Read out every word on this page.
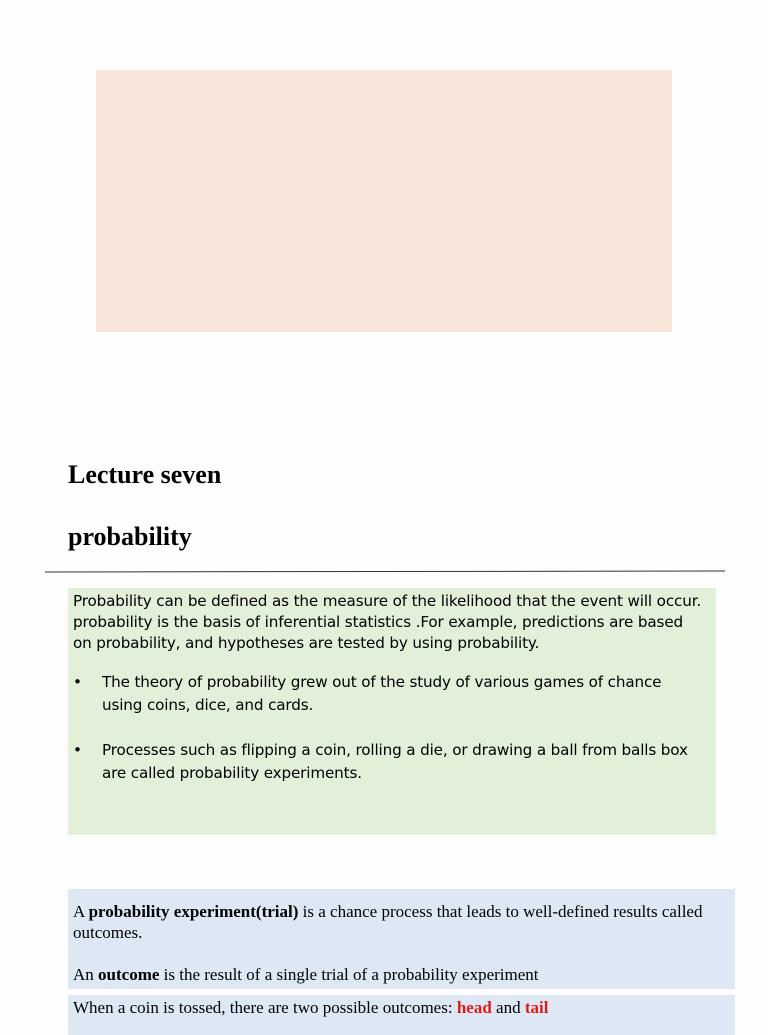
Lecture seven
probability

Probability can be defined as the measure of the likelihood that the event will occur. probability is the basis of inferential statistics .For example, predictions are based on probability, and hypotheses are tested by using probability.

• The theory of probability grew out of the study of various games of chance using coins, dice, and cards.
• Processes such as flipping a coin, rolling a die, or drawing a ball from balls box are called probability experiments.

A probability experiment(trial) is a chance process that leads to well-defined results called outcomes.

An outcome is the result of a single trial of a probability experiment

When a coin is tossed, there are two possible outcomes: head and tail
